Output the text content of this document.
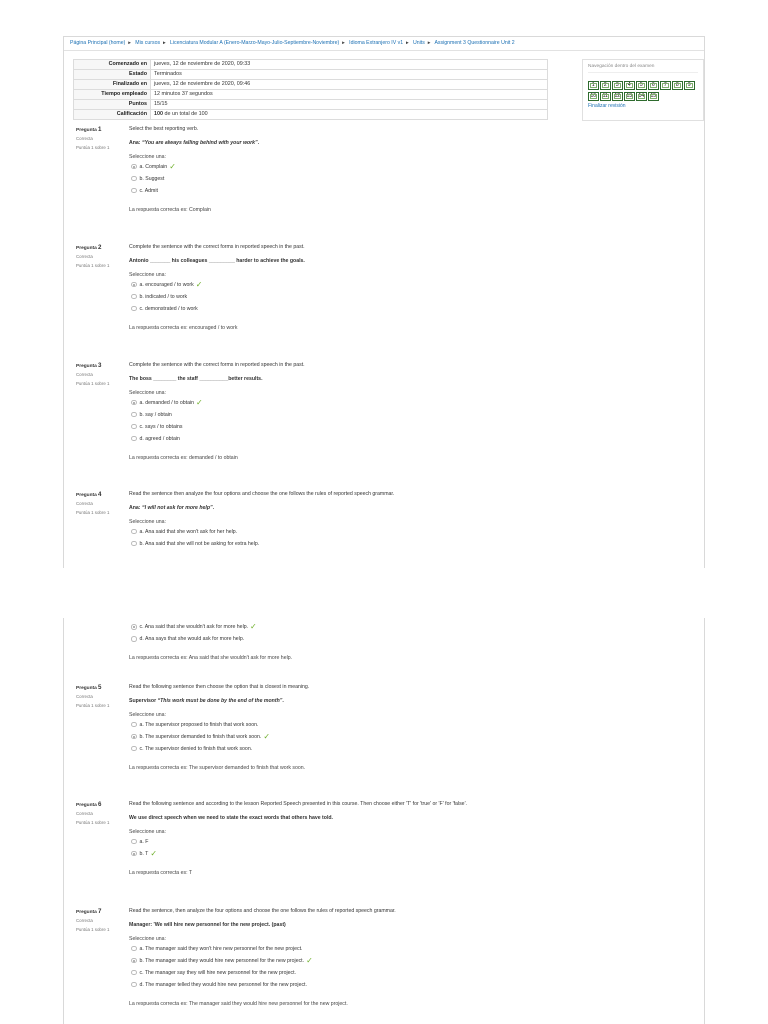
Página Principal (home) ► Mis cursos ► Licenciatura Modular A (Enero-Marzo-Mayo-Julio-Septiembre-Noviembre) ► Idioma Extranjero IV v1 ► Units ► Assignment 3 Questionnaire Unit 2
Comenzado en	jueves, 12 de noviembre de 2020, 09:33
Estado	Terminados
Finalizado en	jueves, 12 de noviembre de 2020, 09:46
Tiempo empleado	12 minutos 37 segundos
Puntos	15/15
Calificación	100 de un total de 100
Navegación dentro del examen
1	2	3	4	5	6	7	8	9
10	11	12	13	14	15
Finalizar revisión
Pregunta 1
Correcta
Puntúa 1 sobre 1
Select the best reporting verb.
Ana: “You are always falling behind with your work”.
Seleccione una:
a. Complain ✓
b. Suggest
c. Admit
La respuesta correcta es: Complain
Pregunta 2
Correcta
Puntúa 1 sobre 1
Complete the sentence with the correct forms in reported speech in the past.
Antonio _______ his colleagues _________ harder to achieve the goals.
Seleccione una:
a. encouraged / to work ✓
b. indicated / to work
c. demonstrated / to work
La respuesta correcta es: encouraged / to work
Pregunta 3
Correcta
Puntúa 1 sobre 1
Complete the sentence with the correct forms in reported speech in the past.
The boss ________ the staff __________better results.
Seleccione una:
a. demanded / to obtain ✓
b. say / obtain
c. says / to obtains
d. agreed / obtain
La respuesta correcta es: demanded / to obtain
Pregunta 4
Correcta
Puntúa 1 sobre 1
Read the sentence then analyze the four options and choose the one follows the rules of reported speech grammar.
Ana: “I will not ask for more help”.
Seleccione una:
a. Ana said that she won't ask for her help.
b. Ana said that she will not be asking for extra help.
c. Ana said that she wouldn't ask for more help. ✓
d. Ana says that she would ask for more help.
La respuesta correcta es: Ana said that she wouldn't ask for more help.
Pregunta 5
Correcta
Puntúa 1 sobre 1
Read the following sentence then choose the option that is closest in meaning.
Supervisor “This work must be done by the end of the month”.
Seleccione una:
a. The supervisor proposed to finish that work soon.
b. The supervisor demanded to finish that work soon. ✓
c. The supervisor denied to finish that work soon.
La respuesta correcta es: The supervisor demanded to finish that work soon.
Pregunta 6
Correcta
Puntúa 1 sobre 1
Read the following sentence and according to the lesson Reported Speech presented in this course. Then choose either 'T' for 'true' or 'F' for 'false'.
We use direct speech when we need to state the exact words that others have told.
Seleccione una:
a. F
b. T ✓
La respuesta correcta es: T
Pregunta 7
Correcta
Puntúa 1 sobre 1
Read the sentence, then analyze the four options and choose the one follows the rules of reported speech grammar.
Manager: 'We will hire new personnel for the new project. (past)
Seleccione una:
a. The manager said they won't hire new personnel for the new project.
b. The manager said they would hire new personnel for the new project. ✓
c. The manager say they will hire new personnel for the new project.
d. The manager telled they would hire new personnel for the new project.
La respuesta correcta es: The manager said they would hire new personnel for the new project.
